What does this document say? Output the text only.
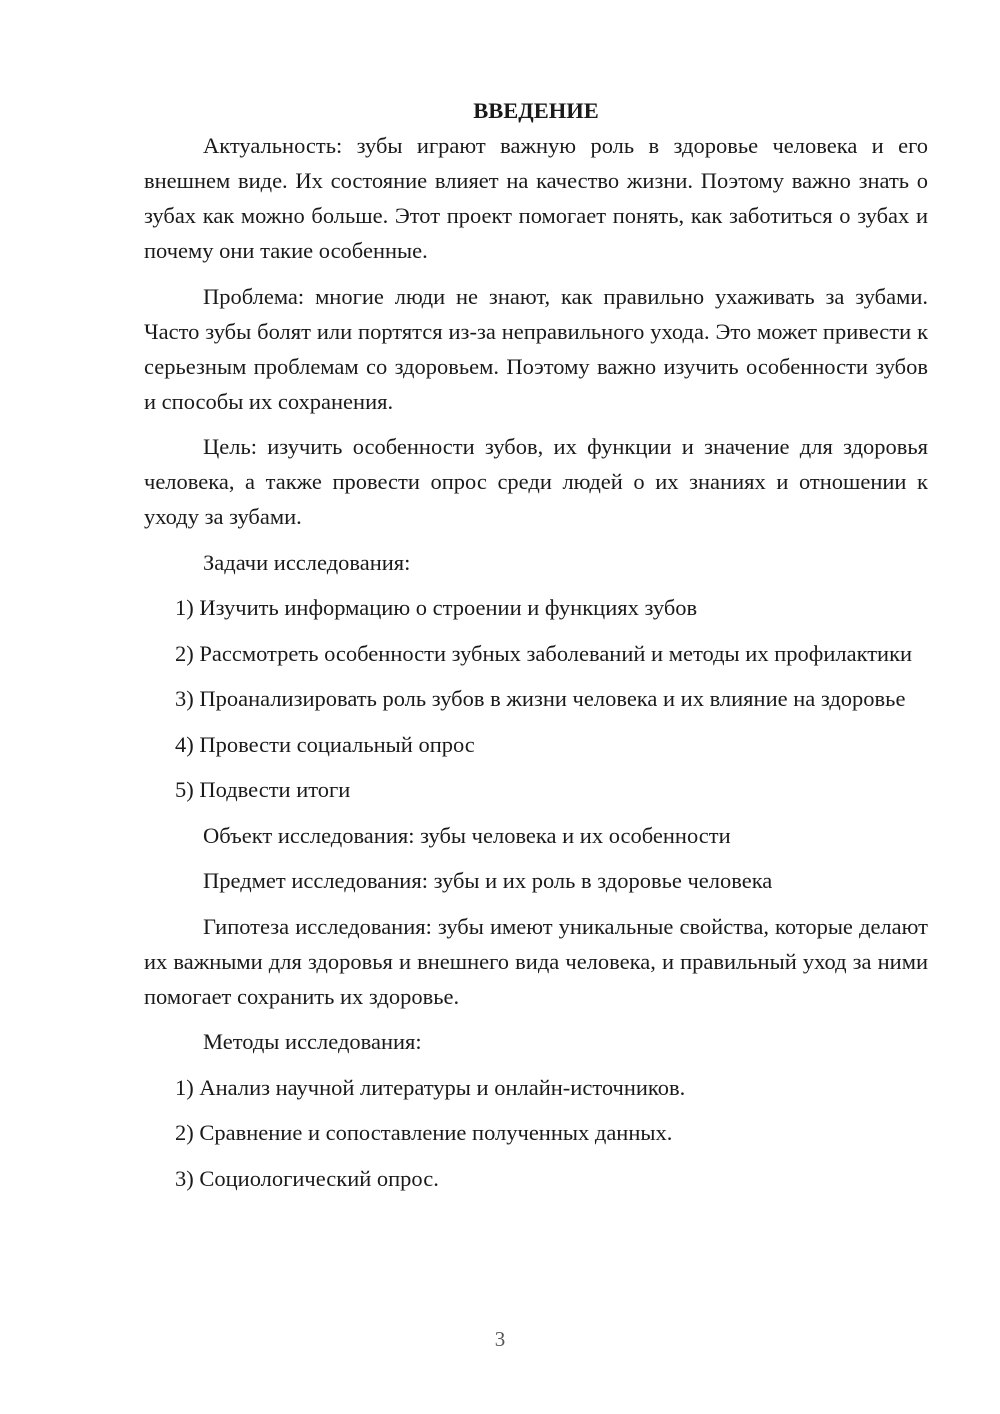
ВВЕДЕНИЕ

Актуальность: зубы играют важную роль в здоровье человека и его внешнем виде. Их состояние влияет на качество жизни. Поэтому важно знать о зубах как можно больше. Этот проект помогает понять, как заботиться о зубах и почему они такие особенные.

Проблема: многие люди не знают, как правильно ухаживать за зубами. Часто зубы болят или портятся из-за неправильного ухода. Это может привести к серьезным проблемам со здоровьем. Поэтому важно изучить особенности зубов и способы их сохранения.

Цель: изучить особенности зубов, их функции и значение для здоровья человека, а также провести опрос среди людей о их знаниях и отношении к уходу за зубами.

Задачи исследования:

1) Изучить информацию о строении и функциях зубов

2) Рассмотреть особенности зубных заболеваний и методы их профилактики

3) Проанализировать роль зубов в жизни человека и их влияние на здоровье

4) Провести социальный опрос

5) Подвести итоги

Объект исследования: зубы человека и их особенности

Предмет исследования: зубы и их роль в здоровье человека

Гипотеза исследования: зубы имеют уникальные свойства, которые делают их важными для здоровья и внешнего вида человека, и правильный уход за ними помогает сохранить их здоровье.

Методы исследования:

1) Анализ научной литературы и онлайн-источников.

2) Сравнение и сопоставление полученных данных.

3) Социологический опрос.

3
